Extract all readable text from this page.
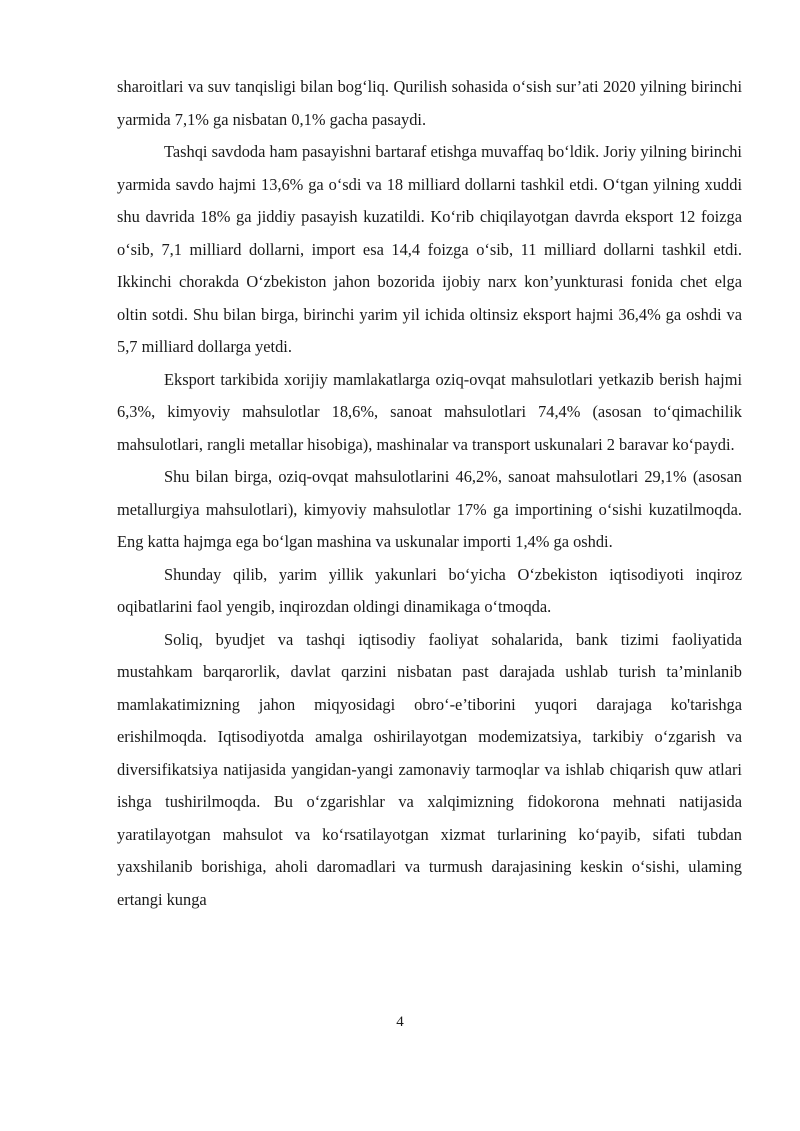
sharoitlari va suv tanqisligi bilan bog‘liq. Qurilish sohasida o‘sish sur’ati 2020 yilning birinchi yarmida 7,1% ga nisbatan 0,1% gacha pasaydi.

Tashqi savdoda ham pasayishni bartaraf etishga muvaffaq bo‘ldik. Joriy yilning birinchi yarmida savdo hajmi 13,6% ga o‘sdi va 18 milliard dollarni tashkil etdi. O‘tgan yilning xuddi shu davrida 18% ga jiddiy pasayish kuzatildi. Ko‘rib chiqilayotgan davrda eksport 12 foizga o‘sib, 7,1 milliard dollarni, import esa 14,4 foizga o‘sib, 11 milliard dollarni tashkil etdi. Ikkinchi chorakda O‘zbekiston jahon bozorida ijobiy narx kon’yunkturasi fonida chet elga oltin sotdi. Shu bilan birga, birinchi yarim yil ichida oltinsiz eksport hajmi 36,4% ga oshdi va 5,7 milliard dollarga yetdi.

Eksport tarkibida xorijiy mamlakatlarga oziq-ovqat mahsulotlari yetkazib berish hajmi 6,3%, kimyoviy mahsulotlar 18,6%, sanoat mahsulotlari 74,4% (asosan to‘qimachilik mahsulotlari, rangli metallar hisobiga), mashinalar va transport uskunalari 2 baravar ko‘paydi.

Shu bilan birga, oziq-ovqat mahsulotlarini 46,2%, sanoat mahsulotlari 29,1% (asosan metallurgiya mahsulotlari), kimyoviy mahsulotlar 17% ga importining o‘sishi kuzatilmoqda. Eng katta hajmga ega bo‘lgan mashina va uskunalar importi 1,4% ga oshdi.

Shunday qilib, yarim yillik yakunlari bo‘yicha O‘zbekiston iqtisodiyoti inqiroz oqibatlarini faol yengib, inqirozdan oldingi dinamikaga o‘tmoqda.

Soliq, byudjet va tashqi iqtisodiy faoliyat sohalarida, bank tizimi faoliyatida mustahkam barqarorlik, davlat qarzini nisbatan past darajada ushlab turish ta’minlanib mamlakatimizning jahon miqyosidagi obro‘-e’tiborini yuqori darajaga ko'tarishga erishilmoqda. Iqtisodiyotda amalga oshirilayotgan modemizatsiya, tarkibiy o‘zgarish va diversifikatsiya natijasida yangidan-yangi zamonaviy tarmoqlar va ishlab chiqarish quw atlari ishga tushirilmoqda. Bu o‘zgarishlar va xalqimizning fidokorona mehnati natijasida yaratilayotgan mahsulot va ko‘rsatilayotgan xizmat turlarining ko‘payib, sifati tubdan yaxshilanib borishiga, aholi daromadlari va turmush darajasining keskin o‘sishi, ulaming ertangi kunga

4
